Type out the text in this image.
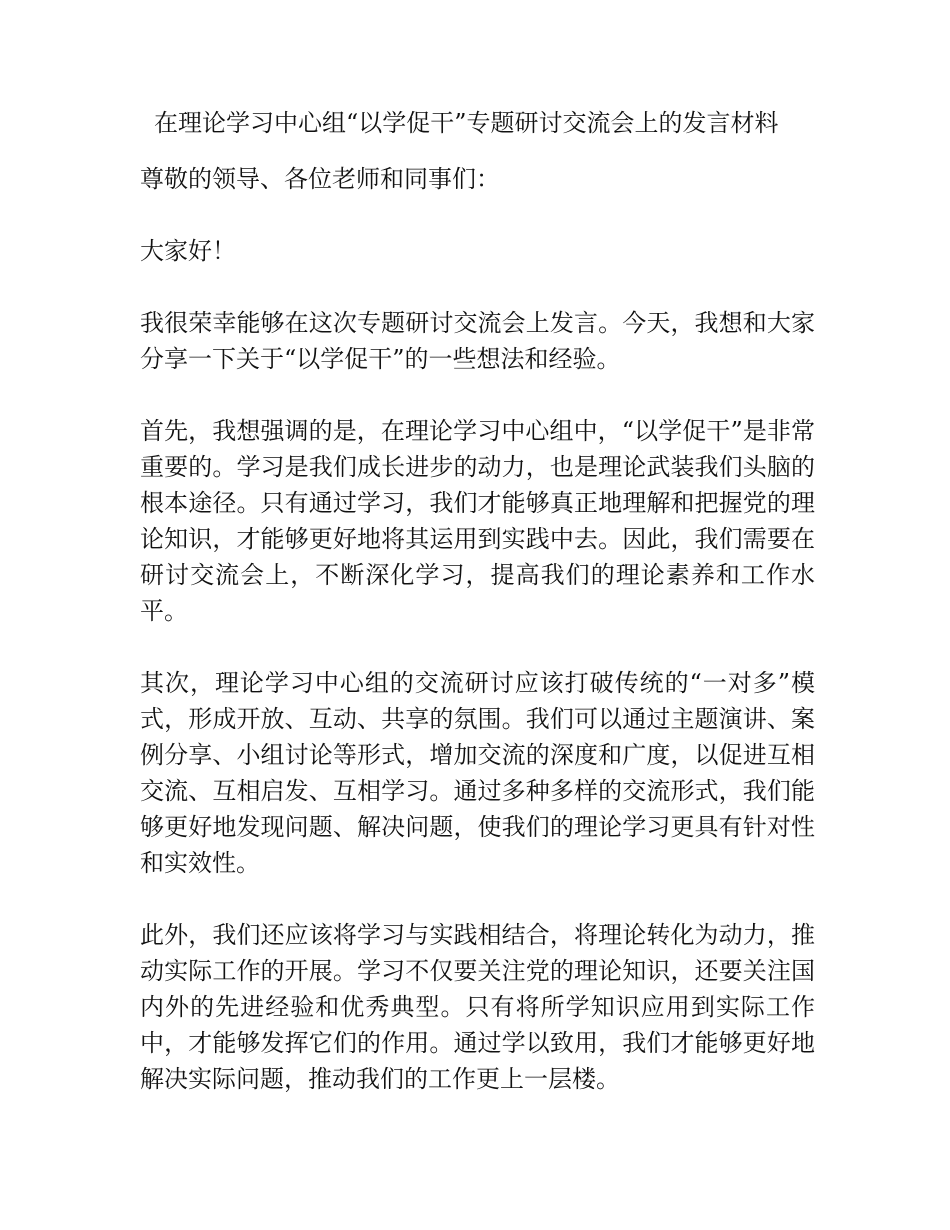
在理论学习中心组“以学促干”专题研讨交流会上的发言材料

尊敬的领导、各位老师和同事们：

大家好！

我很荣幸能够在这次专题研讨交流会上发言。今天，我想和大家分享一下关于“以学促干”的一些想法和经验。

首先，我想强调的是，在理论学习中心组中，“以学促干”是非常重要的。学习是我们成长进步的动力，也是理论武装我们头脑的根本途径。只有通过学习，我们才能够真正地理解和把握党的理论知识，才能够更好地将其运用到实践中去。因此，我们需要在研讨交流会上，不断深化学习，提高我们的理论素养和工作水平。

其次，理论学习中心组的交流研讨应该打破传统的“一对多”模式，形成开放、互动、共享的氛围。我们可以通过主题演讲、案例分享、小组讨论等形式，增加交流的深度和广度，以促进互相交流、互相启发、互相学习。通过多种多样的交流形式，我们能够更好地发现问题、解决问题，使我们的理论学习更具有针对性和实效性。

此外，我们还应该将学习与实践相结合，将理论转化为动力，推动实际工作的开展。学习不仅要关注党的理论知识，还要关注国内外的先进经验和优秀典型。只有将所学知识应用到实际工作中，才能够发挥它们的作用。通过学以致用，我们才能够更好地解决实际问题，推动我们的工作更上一层楼。
